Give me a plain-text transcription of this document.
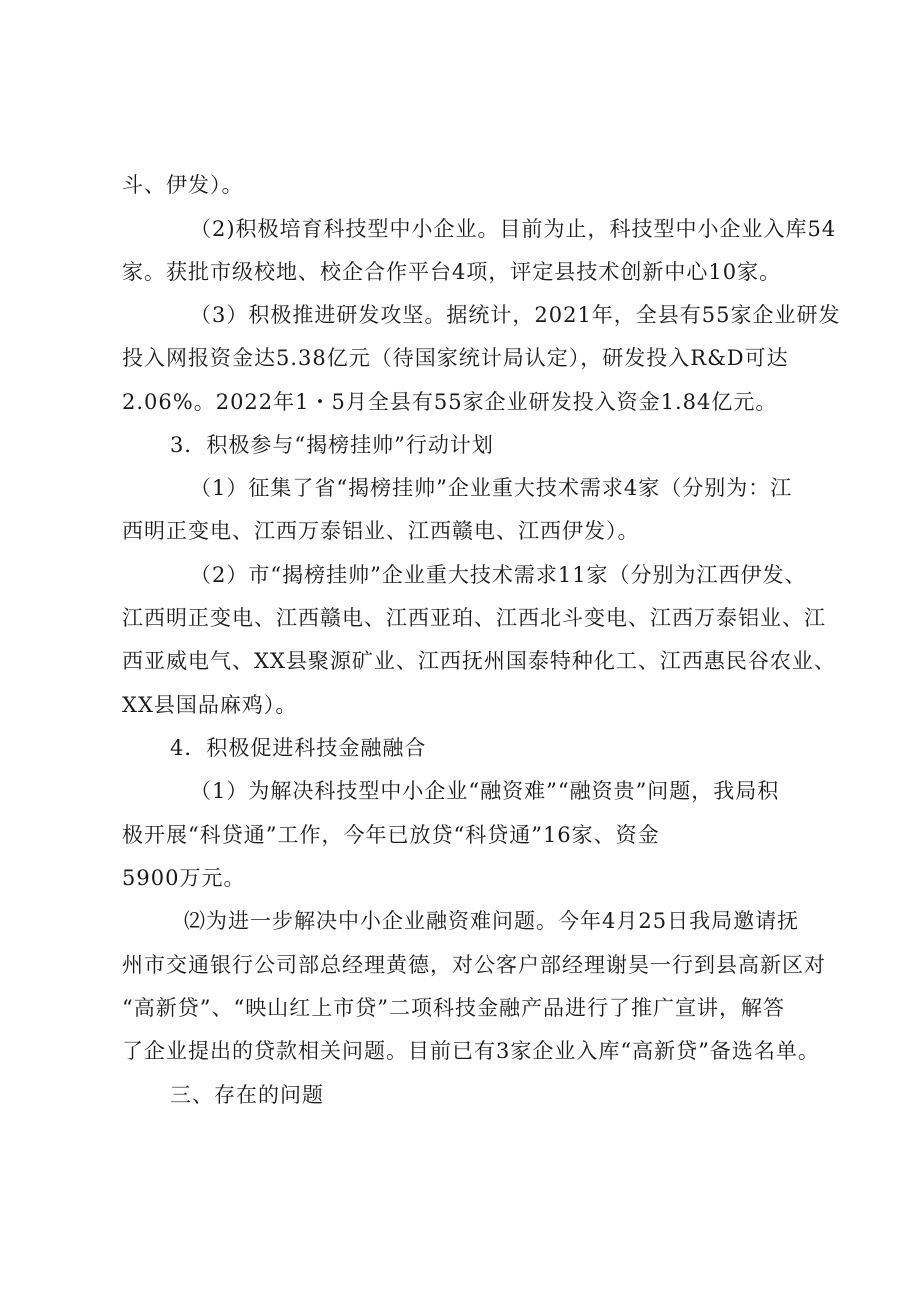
斗、伊发）。
（2)积极培育科技型中小企业。目前为止，科技型中小企业入库54
家。获批市级校地、校企合作平台4项，评定县技术创新中心10家。
（3）积极推进研发攻坚。据统计，2021年，全县有55家企业研发
投入网报资金达5.38亿元（待国家统计局认定），研发投入R&D可达
2.06%。2022年1・5月全县有55家企业研发投入资金1.84亿元。
3．积极参与“揭榜挂帅”行动计划
（1）征集了省“揭榜挂帅”企业重大技术需求4家（分别为：江
西明正变电、江西万泰铝业、江西赣电、江西伊发）。
（2）市“揭榜挂帅”企业重大技术需求11家（分别为江西伊发、
江西明正变电、江西赣电、江西亚珀、江西北斗变电、江西万泰铝业、江
西亚威电气、XX县聚源矿业、江西抚州国泰特种化工、江西惠民谷农业、
XX县国品麻鸡）。
4．积极促进科技金融融合
（1）为解决科技型中小企业“融资难”“融资贵”问题，我局积
极开展“科贷通”工作，今年已放贷“科贷通”16家、资金
5900万元。
⑵为进一步解决中小企业融资难问题。今年4月25日我局邀请抚
州市交通银行公司部总经理黄德，对公客户部经理谢昊一行到县高新区对
“高新贷”、“映山红上市贷”二项科技金融产品进行了推广宣讲，解答
了企业提出的贷款相关问题。目前已有3家企业入库“高新贷”备选名单。
三、存在的问题
